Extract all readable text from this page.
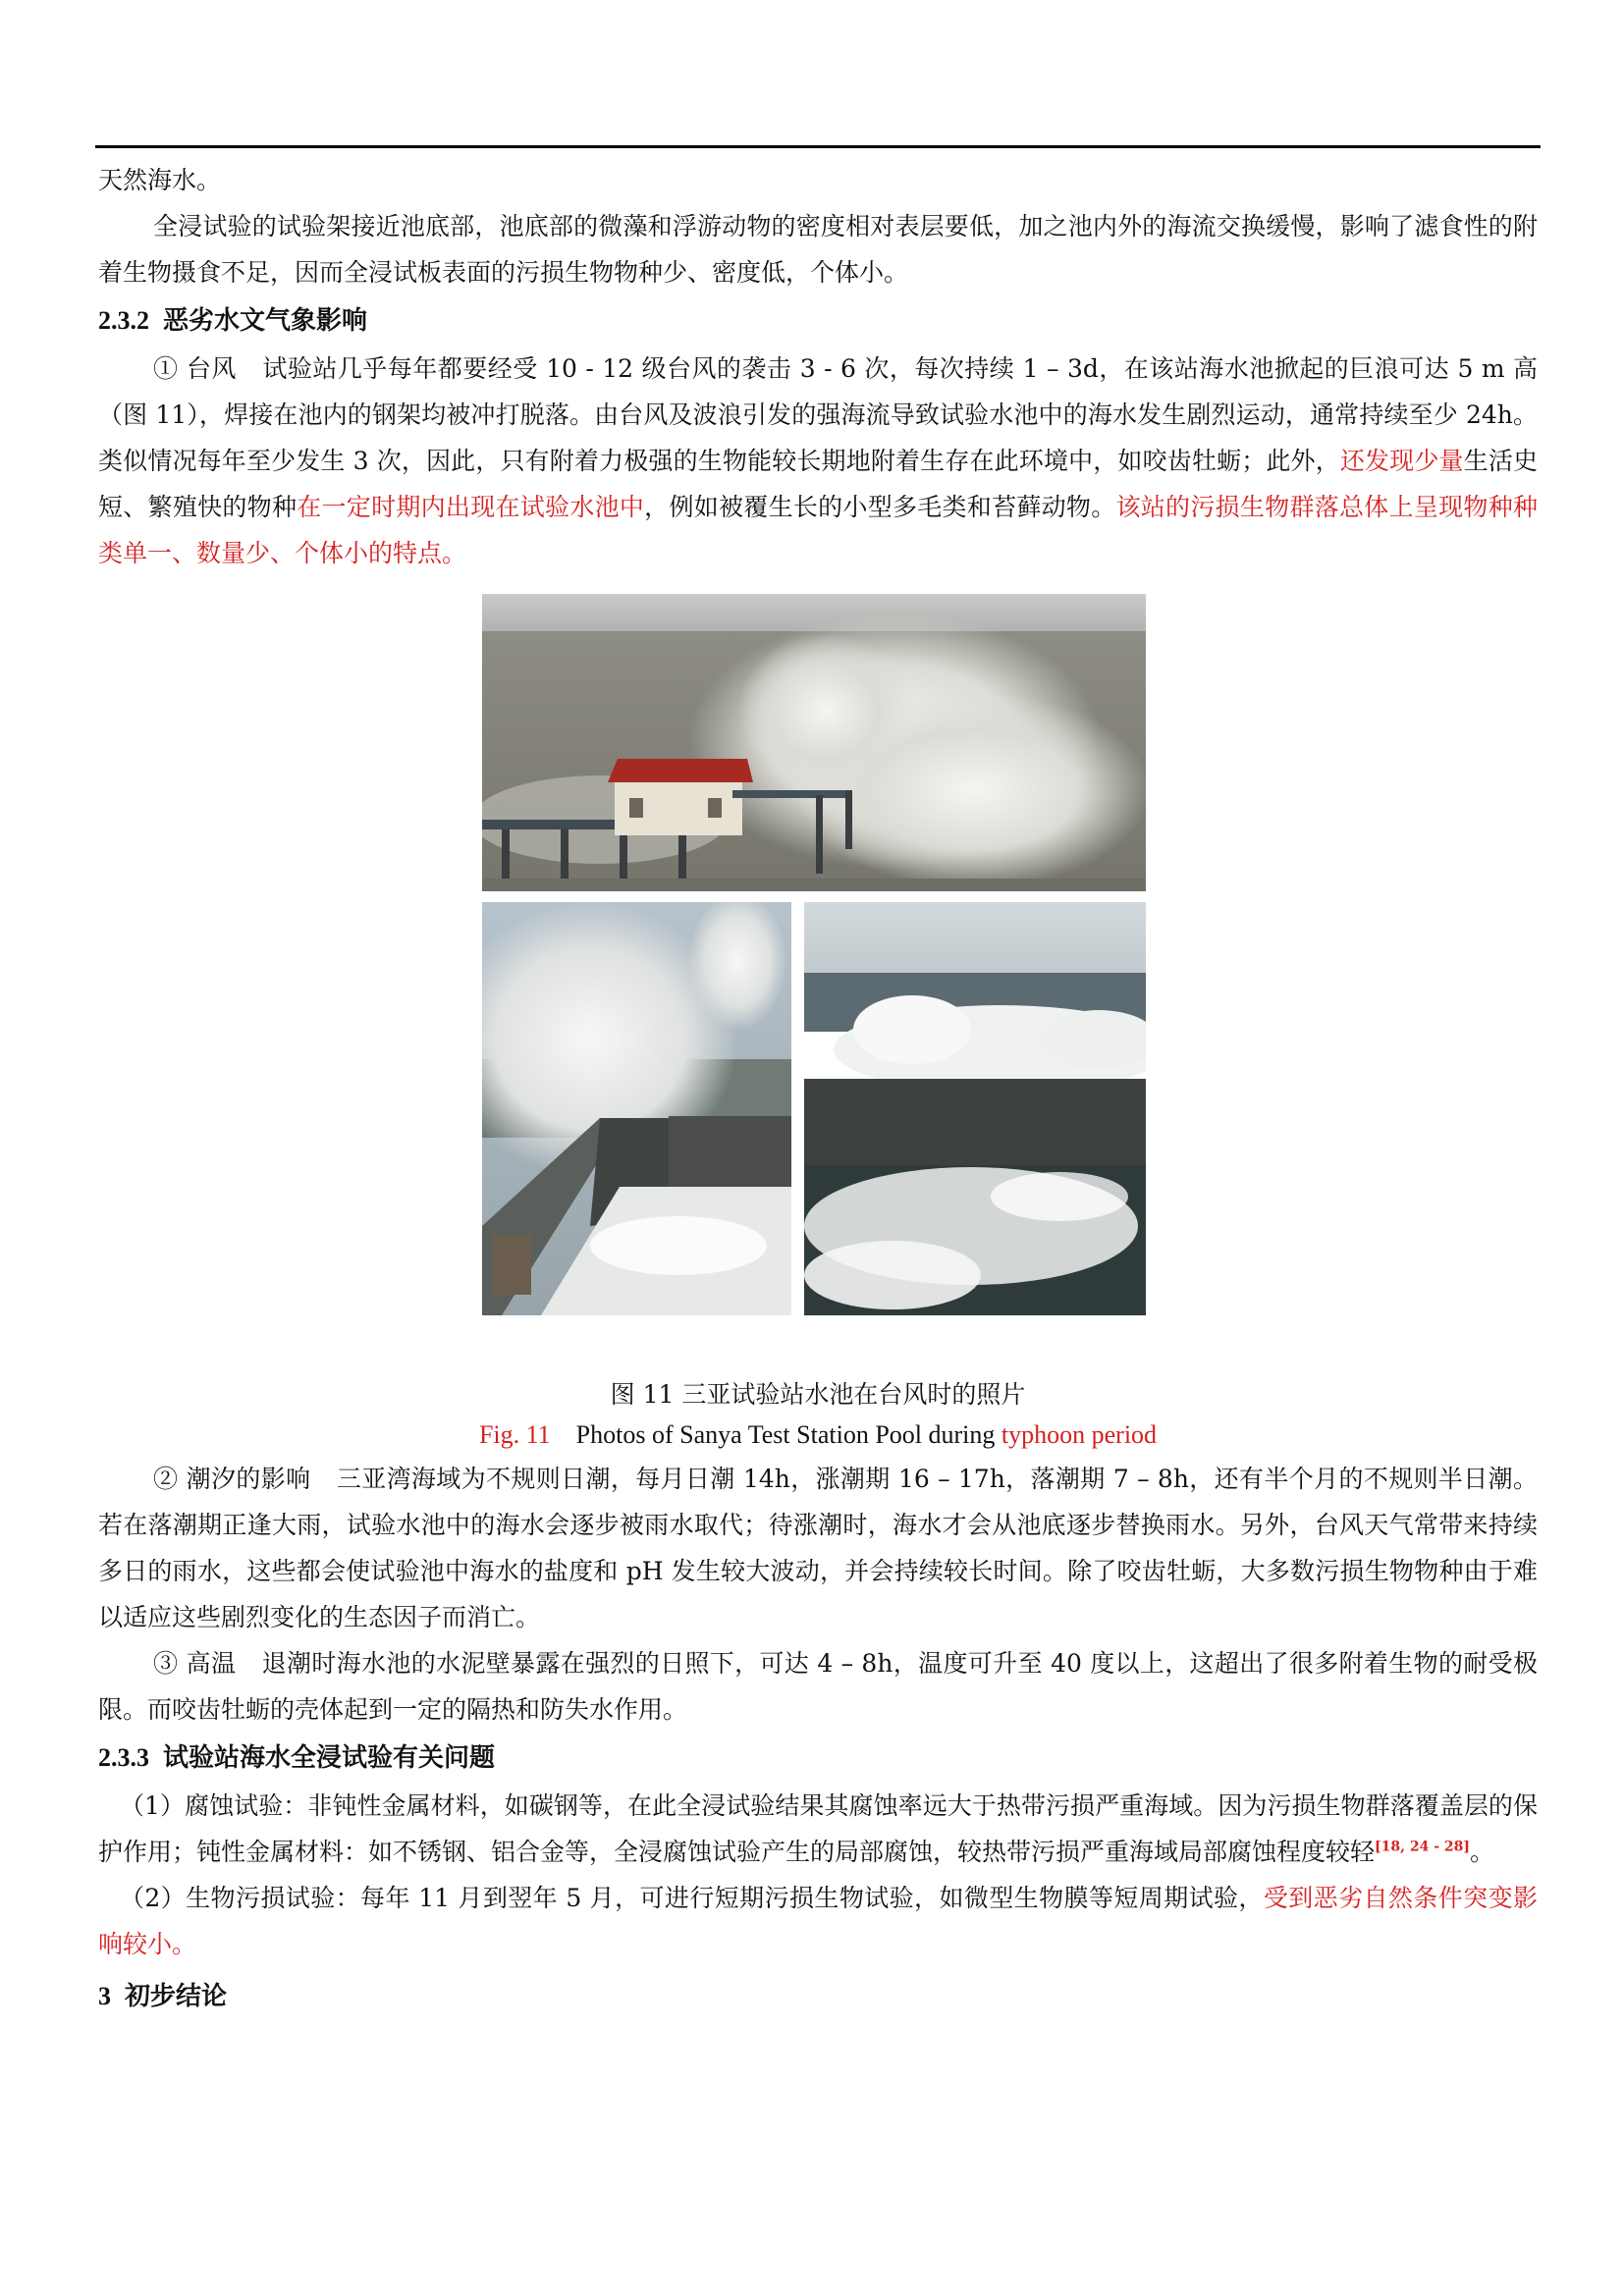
天然海水。

全浸试验的试验架接近池底部，池底部的微藻和浮游动物的密度相对表层要低，加之池内外的海流交换缓慢，影响了滤食性的附着生物摄食不足，因而全浸试板表面的污损生物物种少、密度低，个体小。

2.3.2 恶劣水文气象影响

① 台风 试验站几乎每年都要经受 10 - 12 级台风的袭击 3 - 6 次，每次持续 1 – 3d，在该站海水池掀起的巨浪可达 5 m 高（图 11），焊接在池内的钢架均被冲打脱落。由台风及波浪引发的强海流导致试验水池中的海水发生剧烈运动，通常持续至少 24h。类似情况每年至少发生 3 次，因此，只有附着力极强的生物能较长期地附着生存在此环境中，如咬齿牡蛎；此外，还发现少量生活史短、繁殖快的物种在一定时期内出现在试验水池中，例如被覆生长的小型多毛类和苔藓动物。该站的污损生物群落总体上呈现物种种类单一、数量少、个体小的特点。

图 11 三亚试验站水池在台风时的照片
Fig. 11 Photos of Sanya Test Station Pool during typhoon period

② 潮汐的影响 三亚湾海域为不规则日潮，每月日潮 14h，涨潮期 16 – 17h，落潮期 7 – 8h，还有半个月的不规则半日潮。若在落潮期正逢大雨，试验水池中的海水会逐步被雨水取代；待涨潮时，海水才会从池底逐步替换雨水。另外，台风天气常带来持续多日的雨水，这些都会使试验池中海水的盐度和 pH 发生较大波动，并会持续较长时间。除了咬齿牡蛎，大多数污损生物物种由于难以适应这些剧烈变化的生态因子而消亡。

③ 高温 退潮时海水池的水泥壁暴露在强烈的日照下，可达 4 – 8h，温度可升至 40 度以上，这超出了很多附着生物的耐受极限。而咬齿牡蛎的壳体起到一定的隔热和防失水作用。

2.3.3 试验站海水全浸试验有关问题

（1）腐蚀试验：非钝性金属材料，如碳钢等，在此全浸试验结果其腐蚀率远大于热带污损严重海域。因为污损生物群落覆盖层的保护作用；钝性金属材料：如不锈钢、铝合金等，全浸腐蚀试验产生的局部腐蚀，较热带污损严重海域局部腐蚀程度较轻[18, 24 - 28]。

（2）生物污损试验：每年 11 月到翌年 5 月，可进行短期污损生物试验，如微型生物膜等短周期试验，受到恶劣自然条件突变影响较小。

3 初步结论
